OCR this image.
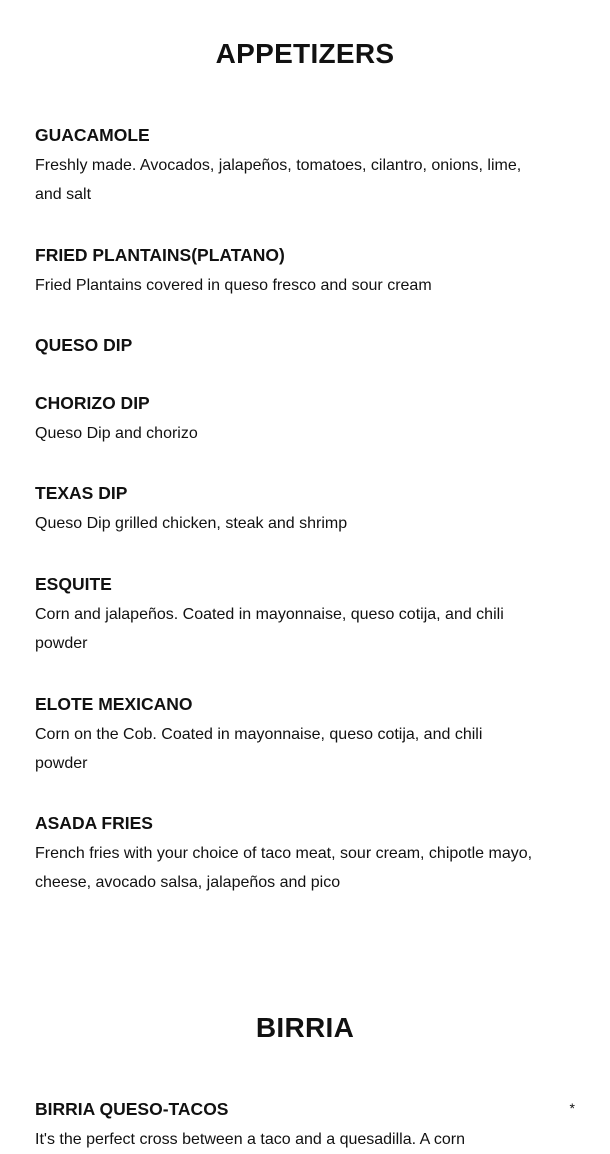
APPETIZERS

GUACAMOLE

Freshly made. Avocados, jalapeños, tomatoes, cilantro, onions, lime, and salt

FRIED PLANTAINS(PLATANO)

Fried Plantains covered in queso fresco and sour cream

QUESO DIP

CHORIZO DIP

Queso Dip and chorizo

TEXAS DIP

Queso Dip grilled chicken, steak and shrimp

ESQUITE

Corn and jalapeños. Coated in mayonnaise, queso cotija, and chili powder

ELOTE MEXICANO

Corn on the Cob. Coated in mayonnaise, queso cotija, and chili powder

ASADA FRIES

French fries with your choice of taco meat, sour cream, chipotle mayo, cheese, avocado salsa, jalapeños and pico

BIRRIA

BIRRIA QUESO-TACOS

It's the perfect cross between a taco and a quesadilla. A corn

*
